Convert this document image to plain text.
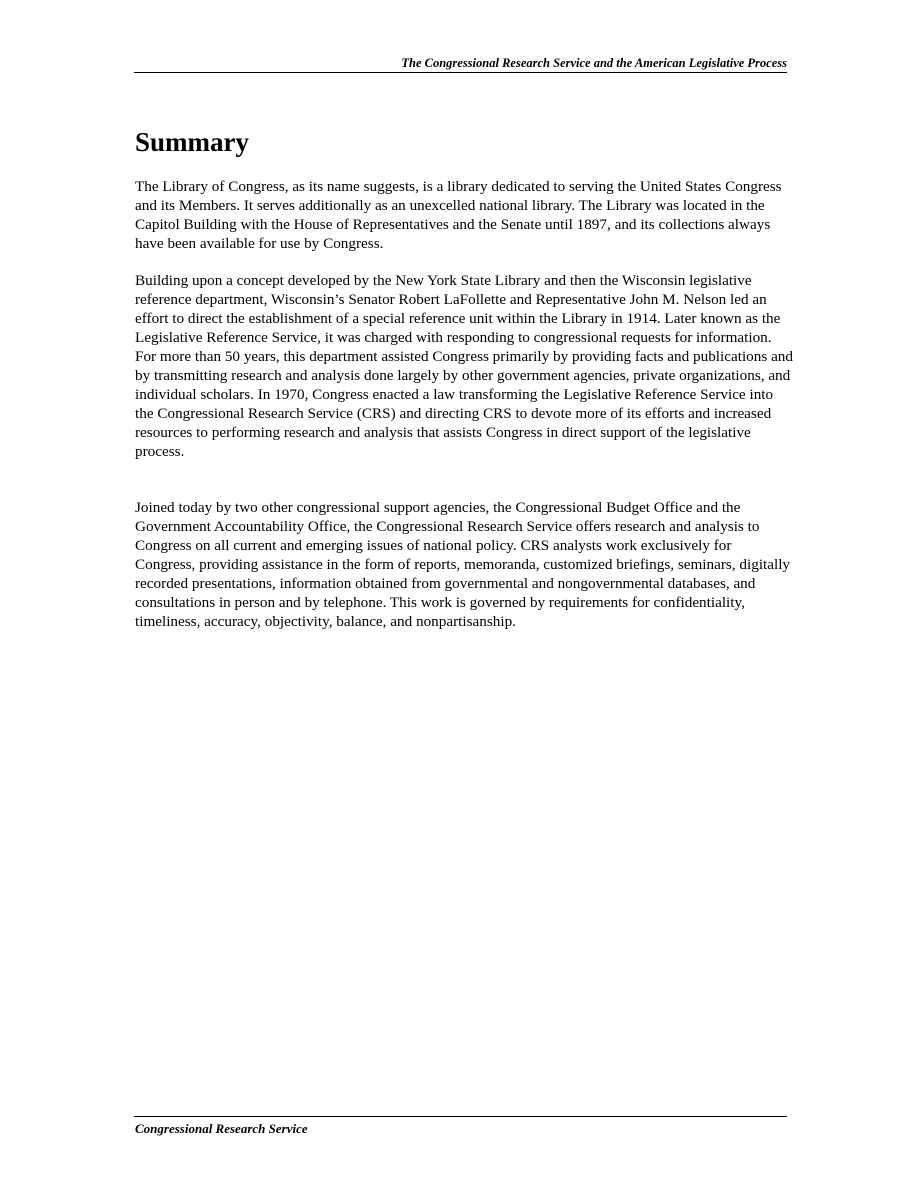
The Congressional Research Service and the American Legislative Process
Summary

The Library of Congress, as its name suggests, is a library dedicated to serving the United States Congress and its Members. It serves additionally as an unexcelled national library. The Library was located in the Capitol Building with the House of Representatives and the Senate until 1897, and its collections always have been available for use by Congress.

Building upon a concept developed by the New York State Library and then the Wisconsin legislative reference department, Wisconsin’s Senator Robert LaFollette and Representative John M. Nelson led an effort to direct the establishment of a special reference unit within the Library in 1914. Later known as the Legislative Reference Service, it was charged with responding to congressional requests for information. For more than 50 years, this department assisted Congress primarily by providing facts and publications and by transmitting research and analysis done largely by other government agencies, private organizations, and individual scholars. In 1970, Congress enacted a law transforming the Legislative Reference Service into the Congressional Research Service (CRS) and directing CRS to devote more of its efforts and increased resources to performing research and analysis that assists Congress in direct support of the legislative process.

Joined today by two other congressional support agencies, the Congressional Budget Office and the Government Accountability Office, the Congressional Research Service offers research and analysis to Congress on all current and emerging issues of national policy. CRS analysts work exclusively for Congress, providing assistance in the form of reports, memoranda, customized briefings, seminars, digitally recorded presentations, information obtained from governmental and nongovernmental databases, and consultations in person and by telephone. This work is governed by requirements for confidentiality, timeliness, accuracy, objectivity, balance, and nonpartisanship.

Congressional Research Service
